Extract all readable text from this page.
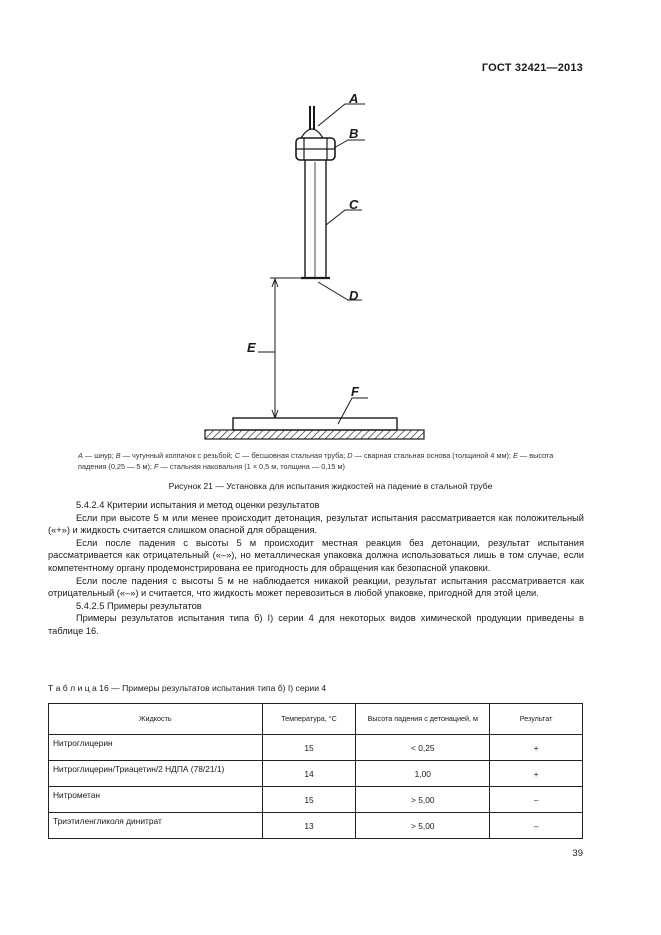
ГОСТ 32421—2013
A
B
C
D
E
F
A — шнур; B — чугунный колпачок с резьбой; C — бесшовная стальная труба; D — сварная стальная основа (толщиной 4 мм); E — высота падения (0,25 — 5 м); F — стальная наковальня (1 × 0,5 м, толщина — 0,15 м)
Рисунок 21 — Установка для испытания жидкостей на падение в стальной трубе

5.4.2.4 Критерии испытания и метод оценки результатов

Если при высоте 5 м или менее происходит детонация, результат испытания рассматривается как положительный («+») и жидкость считается слишком опасной для обращения.

Если после падения с высоты 5 м происходит местная реакция без детонации, результат испытания рассматривается как отрицательный («–»), но металлическая упаковка должна использоваться лишь в том случае, если компетентному органу продемонстрирована ее пригодность для обращения как безопасной упаковки.

Если после падения с высоты 5 м не наблюдается никакой реакции, результат испытания рассматривается как отрицательный («–») и считается, что жидкость может перевозиться в любой упаковке, пригодной для этой цели.

5.4.2.5 Примеры результатов

Примеры результатов испытания типа б) I) серии 4 для некоторых видов химической продукции приведены в таблице 16.

Т а б л и ц а 16 — Примеры результатов испытания типа б) I) серии 4
Жидкость	Температура, °С	Высота падения с детонацией, м	Результат
Нитроглицерин	15	< 0,25	+
Нитроглицерин/Триацетин/2 НДПА (78/21/1)	14	1,00	+
Нитрометан	15	> 5,00	–
Триэтиленгликоля динитрат	13	> 5,00	–
39
